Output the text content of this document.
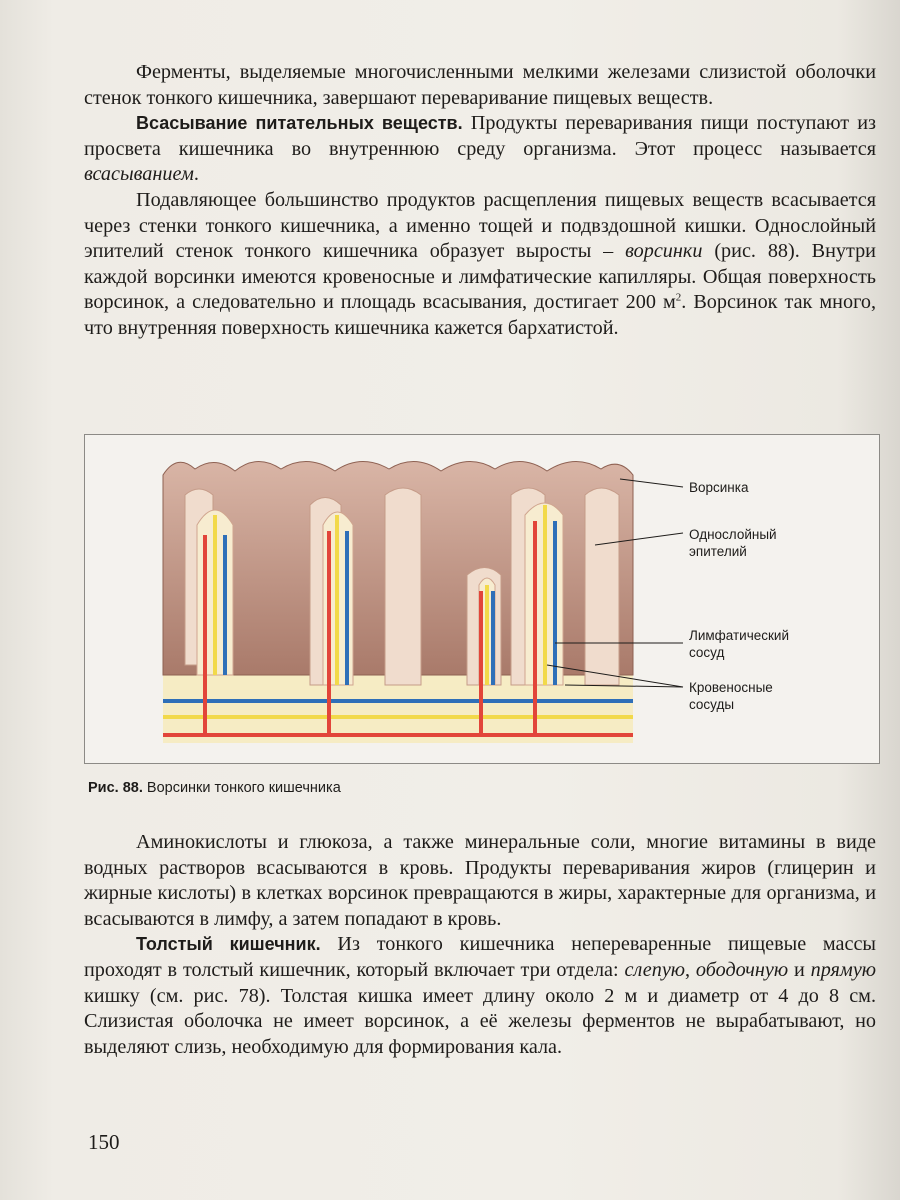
Ферменты, выделяемые многочисленными мелкими железами слизистой оболочки стенок тонкого кишечника, завершают переваривание пищевых веществ.

Всасывание питательных веществ. Продукты переваривания пищи поступают из просвета кишечника во внутреннюю среду организма. Этот процесс называется всасыванием.

Подавляющее большинство продуктов расщепления пищевых веществ всасывается через стенки тонкого кишечника, а именно тощей и подвздошной кишки. Однослойный эпителий стенок тонкого кишечника образует выросты – ворсинки (рис. 88). Внутри каждой ворсинки имеются кровеносные и лимфатические капилляры. Общая поверхность ворсинок, а следовательно и площадь всасывания, достигает 200 $м^2$. Ворсинок так много, что внутренняя поверхность кишечника кажется бархатистой.

Ворсинка
Однослойный
эпителий
Лимфатический
сосуд
Кровеносные
сосуды
Рис. 88. Ворсинки тонкого кишечника

Аминокислоты и глюкоза, а также минеральные соли, многие витамины в виде водных растворов всасываются в кровь. Продукты переваривания жиров (глицерин и жирные кислоты) в клетках ворсинок превращаются в жиры, характерные для организма, и всасываются в лимфу, а затем попадают в кровь.

Толстый кишечник. Из тонкого кишечника непереваренные пищевые массы проходят в толстый кишечник, который включает три отдела: слепую, ободочную и прямую кишку (см. рис. 78). Толстая кишка имеет длину около 2 м и диаметр от 4 до 8 см. Слизистая оболочка не имеет ворсинок, а её железы ферментов не вырабатывают, но выделяют слизь, необходимую для формирования кала.

150
